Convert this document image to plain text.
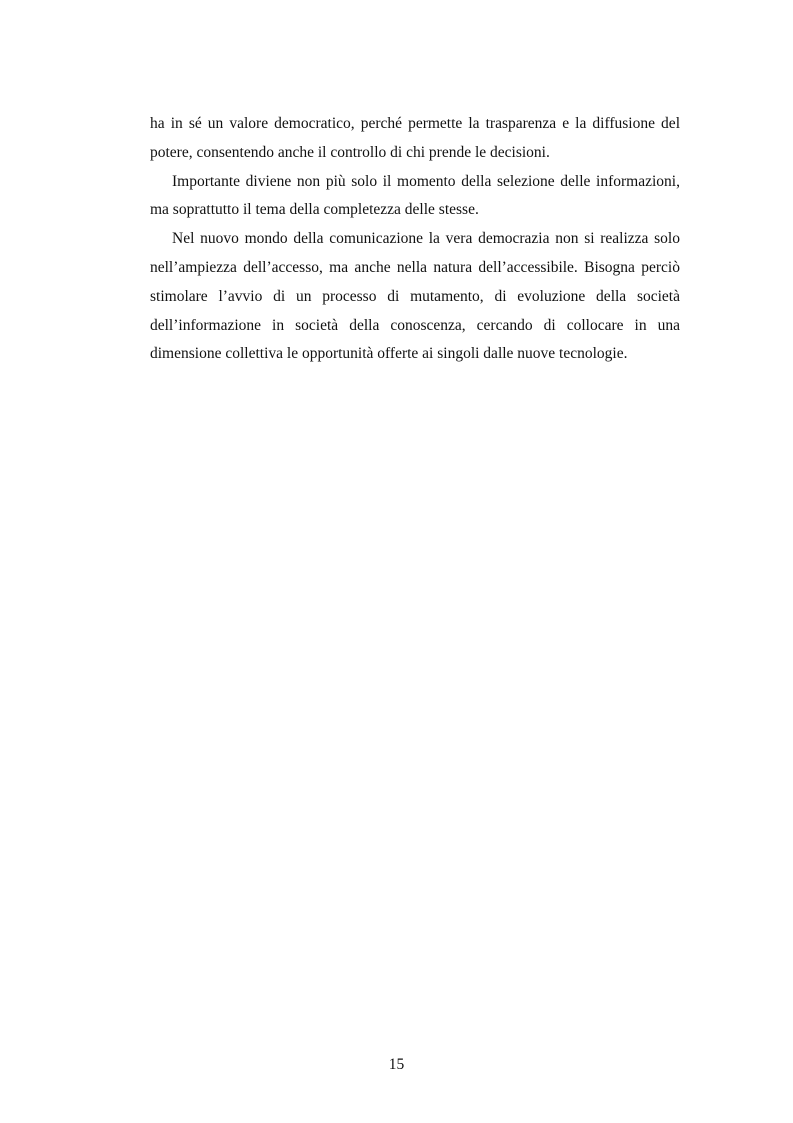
ha in sé un valore democratico, perché permette la trasparenza e la diffusione del potere, consentendo anche il controllo di chi prende le decisioni.

Importante diviene non più solo il momento della selezione delle informazioni, ma soprattutto il tema della completezza delle stesse.

Nel nuovo mondo della comunicazione la vera democrazia non si realizza solo nell’ampiezza dell’accesso, ma anche nella natura dell’accessibile. Bisogna perciò stimolare l’avvio di un processo di mutamento, di evoluzione della società dell’informazione in società della conoscenza, cercando di collocare in una dimensione collettiva le opportunità offerte ai singoli dalle nuove tecnologie.

15
